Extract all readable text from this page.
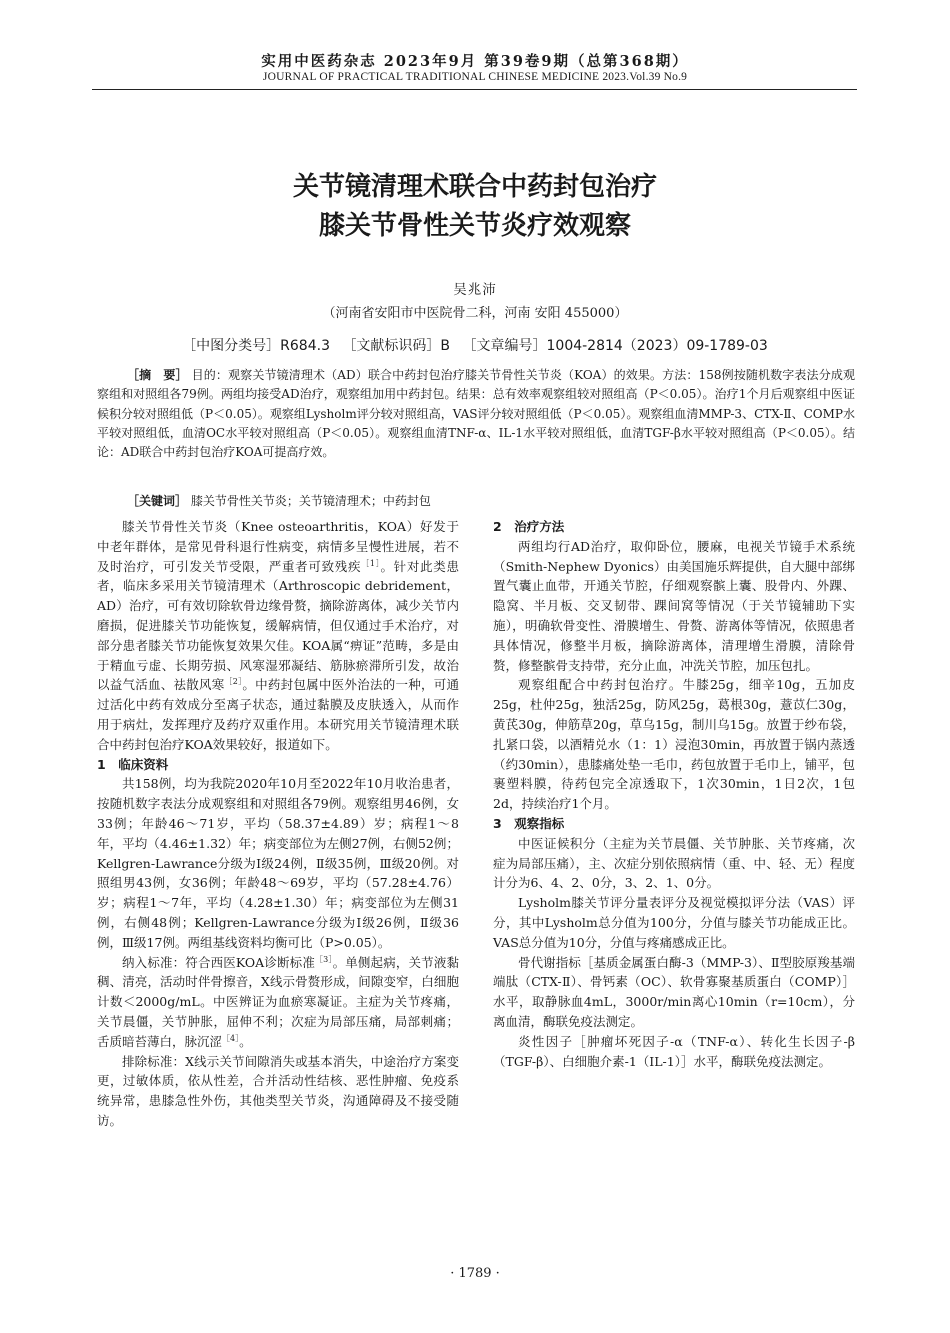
实用中医药杂志 2023年9月 第39卷9期（总第368期）
JOURNAL OF PRACTICAL TRADITIONAL CHINESE MEDICINE 2023.Vol.39 No.9
关节镜清理术联合中药封包治疗
膝关节骨性关节炎疗效观察
吴兆沛
（河南省安阳市中医院骨二科，河南 安阳 455000）
［中图分类号］R684.3 ［文献标识码］B ［文章编号］1004-2814（2023）09-1789-03
［摘　要］ 目的：观察关节镜清理术（AD）联合中药封包治疗膝关节骨性关节炎（KOA）的效果。方法：158例按随机数字表法分成观察组和对照组各79例。两组均接受AD治疗，观察组加用中药封包。结果：总有效率观察组较对照组高（P＜0.05）。治疗1个月后观察组中医证候积分较对照组低（P＜0.05）。观察组Lysholm评分较对照组高，VAS评分较对照组低（P＜0.05）。观察组血清MMP-3、CTX-Ⅱ、COMP水平较对照组低，血清OC水平较对照组高（P＜0.05）。观察组血清TNF-α、IL-1水平较对照组低，血清TGF-β水平较对照组高（P＜0.05）。结论：AD联合中药封包治疗KOA可提高疗效。
［关键词］ 膝关节骨性关节炎；关节镜清理术；中药封包

膝关节骨性关节炎（Knee osteoarthritis，KOA）好发于中老年群体，是常见骨科退行性病变，病情多呈慢性进展，若不及时治疗，可引发关节受限，严重者可致残疾$^{[1]}$。针对此类患者，临床多采用关节镜清理术（Arthroscopic debridement，AD）治疗，可有效切除软骨边缘骨赘，摘除游离体，减少关节内磨损，促进膝关节功能恢复，缓解病情，但仅通过手术治疗，对部分患者膝关节功能恢复效果欠佳。KOA属“痹证”范畴，多是由于精血亏虚、长期劳损、风寒湿邪凝结、筋脉瘀滞所引发，故治以益气活血、祛散风寒$^{[2]}$。中药封包属中医外治法的一种，可通过活化中药有效成分至离子状态，通过黏膜及皮肤透入，从而作用于病灶，发挥理疗及药疗双重作用。本研究用关节镜清理术联合中药封包治疗KOA效果较好，报道如下。

1　临床资料

共158例，均为我院2020年10月至2022年10月收治患者，按随机数字表法分成观察组和对照组各79例。观察组男46例，女33例；年龄46～71岁，平均（58.37±4.89）岁；病程1～8年，平均（4.46±1.32）年；病变部位为左侧27例，右侧52例；Kellgren-Lawrance分级为Ⅰ级24例，Ⅱ级35例，Ⅲ级20例。对照组男43例，女36例；年龄48～69岁，平均（57.28±4.76）岁；病程1～7年，平均（4.28±1.30）年；病变部位为左侧31例，右侧48例；Kellgren-Lawrance分级为Ⅰ级26例，Ⅱ级36例，Ⅲ级17例。两组基线资料均衡可比（P>0.05）。

纳入标准：符合西医KOA诊断标准$^{[3]}$。单侧起病，关节液黏稠、清亮，活动时伴骨擦音，X线示骨赘形成，间隙变窄，白细胞计数＜2000g/mL。中医辨证为血瘀寒凝证。主症为关节疼痛，关节晨僵，关节肿胀，屈伸不利；次症为局部压痛，局部刺痛；舌质暗苔薄白，脉沉涩$^{[4]}$。

排除标准：X线示关节间隙消失或基本消失，中途治疗方案变更，过敏体质，依从性差，合并活动性结核、恶性肿瘤、免疫系统异常，患膝急性外伤，其他类型关节炎，沟通障碍及不接受随访。

2　治疗方法

两组均行AD治疗，取仰卧位，腰麻，电视关节镜手术系统（Smith-Nephew Dyonics）由美国施乐辉提供，自大腿中部绑置气囊止血带，开通关节腔，仔细观察髌上囊、股骨内、外踝、隐窝、半月板、交叉韧带、踝间窝等情况（于关节镜辅助下实施），明确软骨变性、滑膜增生、骨赘、游离体等情况，依照患者具体情况，修整半月板，摘除游离体，清理增生滑膜，清除骨赘，修整髌骨支持带，充分止血，冲洗关节腔，加压包扎。

观察组配合中药封包治疗。牛膝25g，细辛10g，五加皮25g，杜仲25g，独活25g，防风25g，葛根30g，薏苡仁30g，黄芪30g，伸筋草20g，草乌15g，制川乌15g。放置于纱布袋，扎紧口袋，以酒精兑水（1：1）浸泡30min，再放置于锅内蒸透（约30min），患膝痛处垫一毛巾，药包放置于毛巾上，铺平，包裹塑料膜，待药包完全凉透取下，1次30min，1日2次，1包2d，持续治疗1个月。

3　观察指标

中医证候积分（主症为关节晨僵、关节肿胀、关节疼痛，次症为局部压痛），主、次症分别依照病情（重、中、轻、无）程度计分为6、4、2、0分，3、2、1、0分。

Lysholm膝关节评分量表评分及视觉模拟评分法（VAS）评分，其中Lysholm总分值为100分，分值与膝关节功能成正比。VAS总分值为10分，分值与疼痛感成正比。

骨代谢指标［基质金属蛋白酶-3（MMP-3）、Ⅱ型胶原羧基端端肽（CTX-Ⅱ）、骨钙素（OC）、软骨寡聚基质蛋白（COMP）］水平，取静脉血4mL，3000r/min离心10min（r=10cm），分离血清，酶联免疫法测定。

炎性因子［肿瘤坏死因子-α（TNF-α）、转化生长因子-β（TGF-β）、白细胞介素-1（IL-1）］水平，酶联免疫法测定。

· 1789 ·
